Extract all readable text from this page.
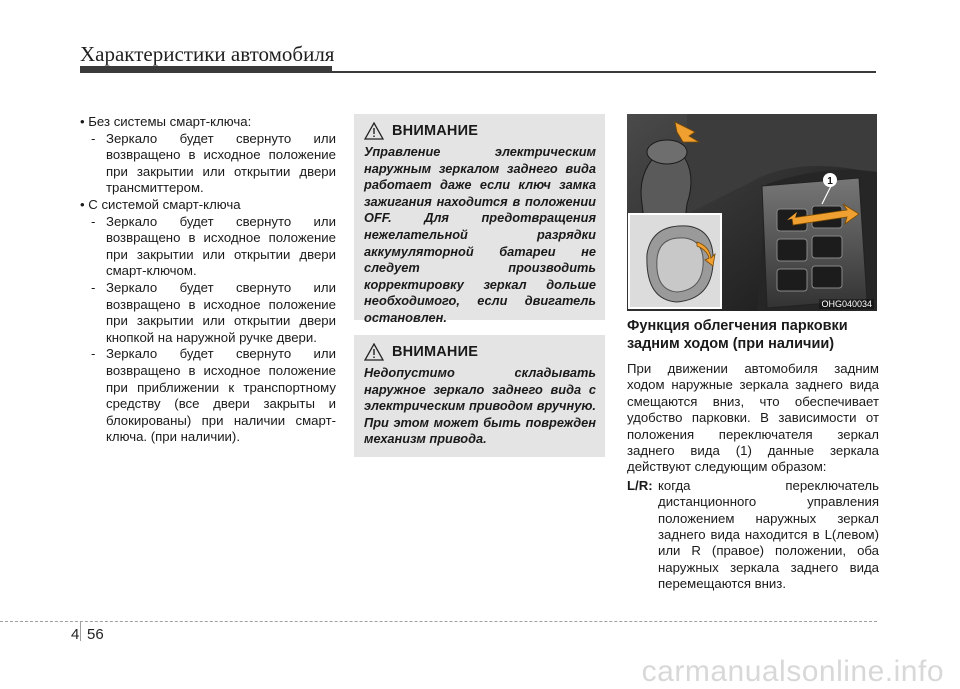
Характеристики автомобиля

• Без системы смарт-ключа:

- Зеркало будет свернуто или возвращено в исходное положение при закрытии или открытии двери трансмиттером.

• С системой смарт-ключа

- Зеркало будет свернуто или возвращено в исходное положение при закрытии или открытии двери смарт-ключом.

- Зеркало будет свернуто или возвращено в исходное положение при закрытии или открытии двери кнопкой на наружной ручке двери.

- Зеркало будет свернуто или возвращено в исходное положение при приближении к транспортному средству (все двери закрыты и блокированы) при наличии смарт-ключа. (при наличии).

ВНИМАНИЕ

Управление электрическим наружным зеркалом заднего вида работает даже если ключ замка зажигания находится в положении OFF. Для предотвращения нежелательной разрядки аккумуляторной батареи не следует производить корректировку зеркал дольше необходимого, если двигатель остановлен.

ВНИМАНИЕ

Недопустимо складывать наружное зеркало заднего вида с электрическим приводом вручную. При этом может быть поврежден механизм привода.

1
OHG040034

Функция облегчения парковки задним ходом (при наличии)

При движении автомобиля задним ходом наружные зеркала заднего вида смещаются вниз, что обеспечивает удобство парковки. В зависимости от положения переключателя зеркал заднего вида (1) данные зеркала действуют следующим образом:

L/R: когда переключатель дистанционного управления положением наружных зеркал заднего вида находится в L(левом) или R (правое) положении, оба наружных зеркала заднего вида перемещаются вниз.

4 56
carmanualsonline.info
